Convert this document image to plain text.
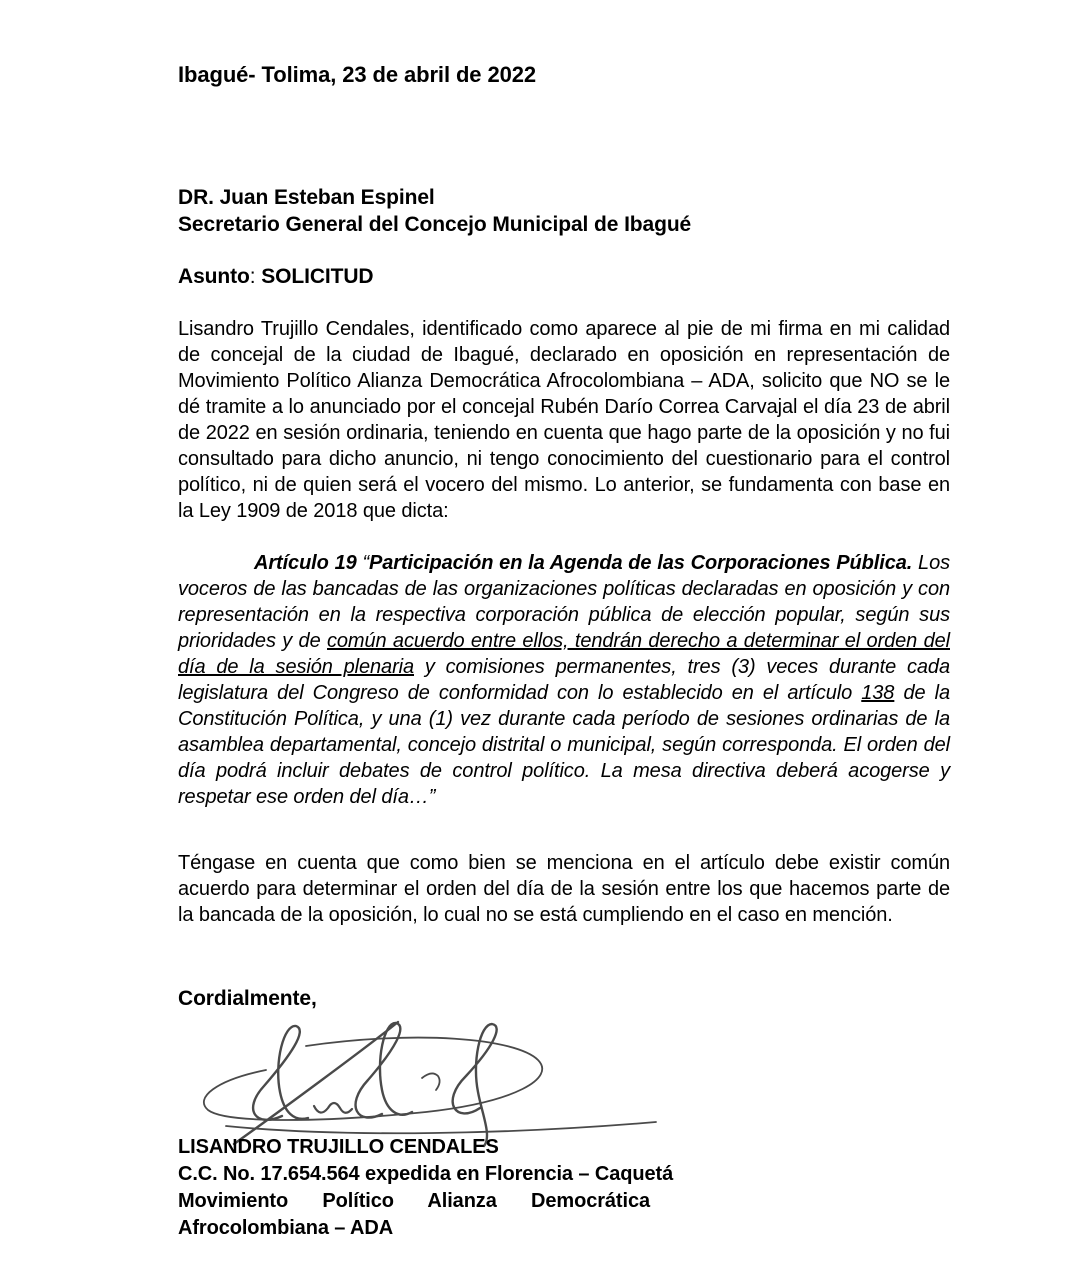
Ibagué- Tolima, 23 de abril de 2022
DR. Juan Esteban Espinel
Secretario General del Concejo Municipal de Ibagué
Asunto: SOLICITUD
Lisandro Trujillo Cendales, identificado como aparece al pie de mi firma en mi calidad de concejal de la ciudad de Ibagué, declarado en oposición en representación de Movimiento Político Alianza Democrática Afrocolombiana – ADA, solicito que NO se le dé tramite a lo anunciado por el concejal Rubén Darío Correa Carvajal el día 23 de abril de 2022 en sesión ordinaria, teniendo en cuenta que hago parte de la oposición y no fui consultado para dicho anuncio, ni tengo conocimiento del cuestionario para el control político, ni de quien será el vocero del mismo. Lo anterior, se fundamenta con base en la Ley 1909 de 2018 que dicta:
Artículo 19 “Participación en la Agenda de las Corporaciones Pública. Los voceros de las bancadas de las organizaciones políticas declaradas en oposición y con representación en la respectiva corporación pública de elección popular, según sus prioridades y de común acuerdo entre ellos, tendrán derecho a determinar el orden del día de la sesión plenaria y comisiones permanentes, tres (3) veces durante cada legislatura del Congreso de conformidad con lo establecido en el artículo 138 de la Constitución Política, y una (1) vez durante cada período de sesiones ordinarias de la asamblea departamental, concejo distrital o municipal, según corresponda. El orden del día podrá incluir debates de control político. La mesa directiva deberá acogerse y respetar ese orden del día…”
Téngase en cuenta que como bien se menciona en el artículo debe existir común acuerdo para determinar el orden del día de la sesión entre los que hacemos parte de la bancada de la oposición, lo cual no se está cumpliendo en el caso en mención.
Cordialmente,
LISANDRO TRUJILLO CENDALES
C.C. No. 17.654.564 expedida en Florencia – Caquetá
Movimiento Político Alianza Democrática
Afrocolombiana – ADA
